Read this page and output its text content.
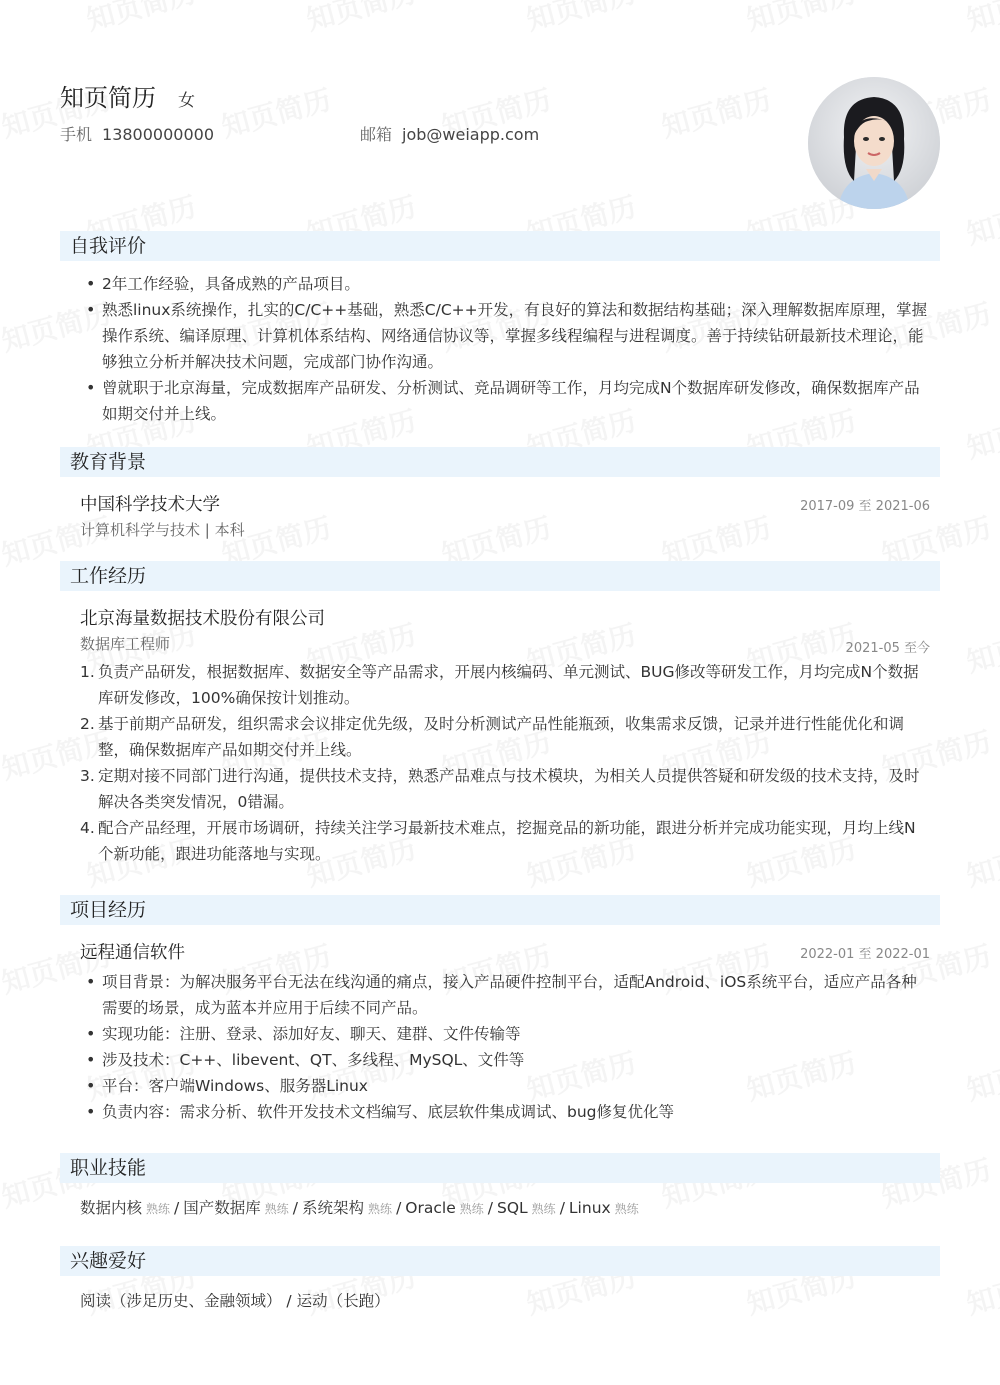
知页简历 女
手机 13800000000	邮箱 job@weiapp.com
自我评价
• 2年工作经验，具备成熟的产品项目。
• 熟悉linux系统操作，扎实的C/C++基础，熟悉C/C++开发，有良好的算法和数据结构基础；深入理解数据库原理，掌握操作系统、编译原理、计算机体系结构、网络通信协议等，掌握多线程编程与进程调度。善于持续钻研最新技术理论，能够独立分析并解决技术问题，完成部门协作沟通。
• 曾就职于北京海量，完成数据库产品研发、分析测试、竞品调研等工作，月均完成N个数据库研发修改，确保数据库产品如期交付并上线。
教育背景
中国科学技术大学	2017-09 至 2021-06
计算机科学与技术 | 本科
工作经历
北京海量数据技术股份有限公司
数据库工程师	2021-05 至今
1. 负责产品研发，根据数据库、数据安全等产品需求，开展内核编码、单元测试、BUG修改等研发工作，月均完成N个数据库研发修改，100%确保按计划推动。
2. 基于前期产品研发，组织需求会议排定优先级，及时分析测试产品性能瓶颈，收集需求反馈，记录并进行性能优化和调整，确保数据库产品如期交付并上线。
3. 定期对接不同部门进行沟通，提供技术支持，熟悉产品难点与技术模块，为相关人员提供答疑和研发级的技术支持，及时解决各类突发情况，0错漏。
4. 配合产品经理，开展市场调研，持续关注学习最新技术难点，挖掘竞品的新功能，跟进分析并完成功能实现，月均上线N个新功能，跟进功能落地与实现。
项目经历
远程通信软件	2022-01 至 2022-01
• 项目背景：为解决服务平台无法在线沟通的痛点，接入产品硬件控制平台，适配Android、iOS系统平台，适应产品各种需要的场景，成为蓝本并应用于后续不同产品。
• 实现功能：注册、登录、添加好友、聊天、建群、文件传输等
• 涉及技术：C++、libevent、QT、多线程、MySQL、文件等
• 平台：客户端Windows、服务器Linux
• 负责内容：需求分析、软件开发技术文档编写、底层软件集成调试、bug修复优化等
职业技能
数据内核 熟练 / 国产数据库 熟练 / 系统架构 熟练 / Oracle 熟练 / SQL 熟练 / Linux 熟练
兴趣爱好
阅读（涉足历史、金融领域） / 运动（长跑）
